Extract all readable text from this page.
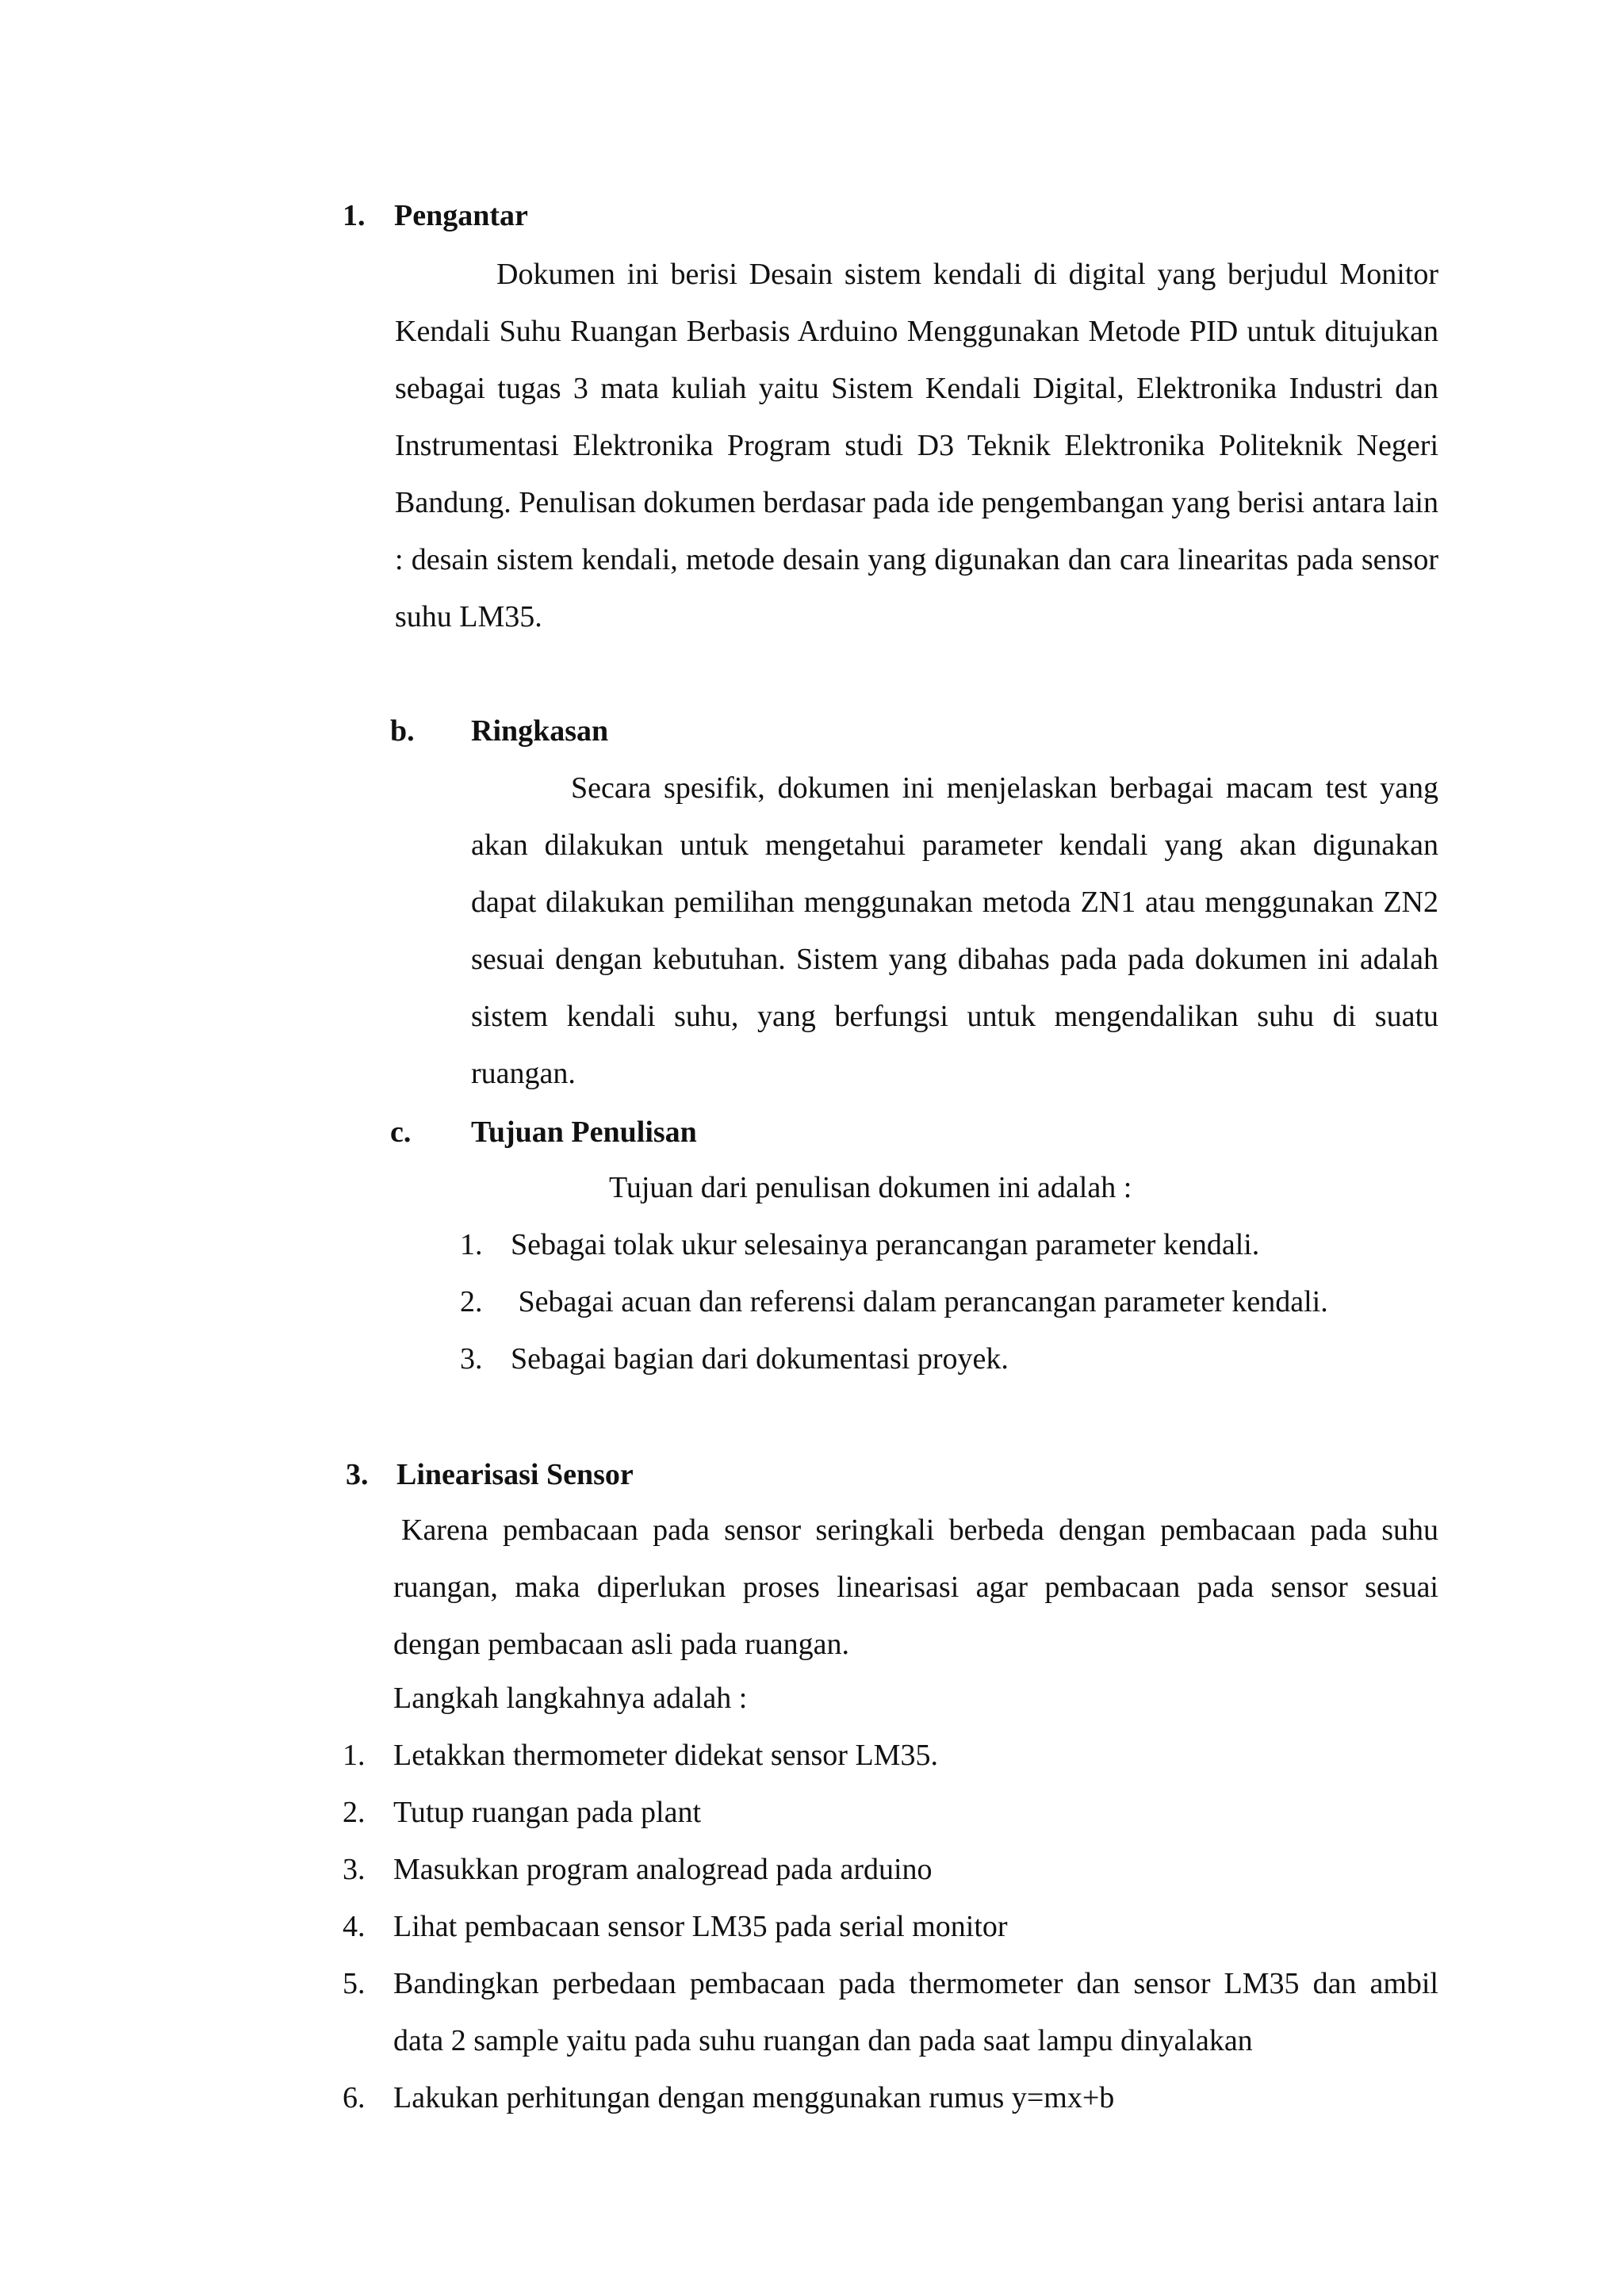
1. Pengantar
Dokumen ini berisi Desain sistem kendali di digital yang berjudul Monitor Kendali Suhu Ruangan Berbasis Arduino Menggunakan Metode PID untuk ditujukan sebagai tugas 3 mata kuliah yaitu Sistem Kendali Digital, Elektronika Industri dan Instrumentasi Elektronika Program studi D3 Teknik Elektronika Politeknik Negeri Bandung. Penulisan dokumen berdasar pada ide pengembangan yang berisi antara lain : desain sistem kendali, metode desain yang digunakan dan cara linearitas pada sensor suhu LM35.
b. Ringkasan
Secara spesifik, dokumen ini menjelaskan berbagai macam test yang akan dilakukan untuk mengetahui parameter kendali yang akan digunakan dapat dilakukan pemilihan menggunakan metoda ZN1 atau menggunakan ZN2 sesuai dengan kebutuhan. Sistem yang dibahas pada pada dokumen ini adalah sistem kendali suhu, yang berfungsi untuk mengendalikan suhu di suatu ruangan.
c. Tujuan Penulisan
Tujuan dari penulisan dokumen ini adalah :
1. Sebagai tolak ukur selesainya perancangan parameter kendali.
2. Sebagai acuan dan referensi dalam perancangan parameter kendali.
3. Sebagai bagian dari dokumentasi proyek.
3. Linearisasi Sensor
Karena pembacaan pada sensor seringkali berbeda dengan pembacaan pada suhu ruangan, maka diperlukan proses linearisasi agar pembacaan pada sensor sesuai dengan pembacaan asli pada ruangan.
Langkah langkahnya adalah :
1. Letakkan thermometer didekat sensor LM35.
2. Tutup ruangan pada plant
3. Masukkan program analogread pada arduino
4. Lihat pembacaan sensor LM35 pada serial monitor
5. Bandingkan perbedaan pembacaan pada thermometer dan sensor LM35 dan ambil data 2 sample yaitu pada suhu ruangan dan pada saat lampu dinyalakan
6. Lakukan perhitungan dengan menggunakan rumus y=mx+b
